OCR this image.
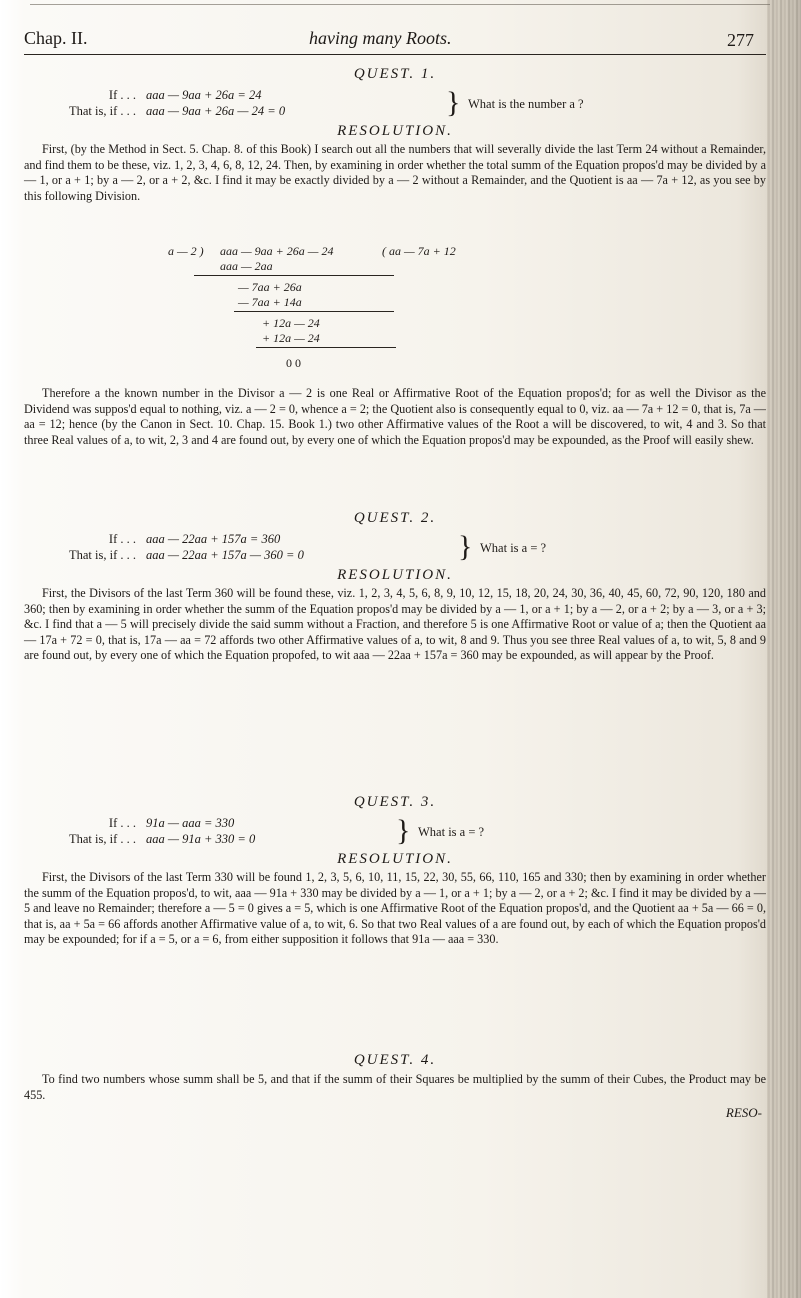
Chap. II.	having many Roots.	277
QUEST. 1.
If . . . aaa — 9aa + 26a = 24
That is, if . . . aaa — 9aa + 26a — 24 = 0	} What is the number a ?
RESOLUTION.

First, (by the Method in Sect. 5. Chap. 8. of this Book) I search out all the numbers that will severally divide the last Term 24 without a Remainder, and find them to be these, viz. 1, 2, 3, 4, 6, 8, 12, 24. Then, by examining in order whether the total summ of the Equation propos'd may be divided by a — 1, or a + 1; by a — 2, or a + 2, &c. I find it may be exactly divided by a — 2 without a Remainder, and the Quotient is aa — 7a + 12, as you see by this following Division.

a — 2 ) aaa — 9aa + 26a — 24	( aa — 7a + 12
aaa — 2aa
— 7aa + 26a
— 7aa + 14a
+ 12a — 24
+ 12a — 24
0 0

Therefore a the known number in the Divisor a — 2 is one Real or Affirmative Root of the Equation propos'd; for as well the Divisor as the Dividend was suppos'd equal to nothing, viz. a — 2 = 0, whence a = 2; the Quotient also is consequently equal to 0, viz. aa — 7a + 12 = 0, that is, 7a — aa = 12; hence (by the Canon in Sect. 10. Chap. 15. Book 1.) two other Affirmative values of the Root a will be discovered, to wit, 4 and 3. So that three Real values of a, to wit, 2, 3 and 4 are found out, by every one of which the Equation propos'd may be expounded, as the Proof will easily shew.

QUEST. 2.
If . . . aaa — 22aa + 157a = 360
That is, if . . . aaa — 22aa + 157a — 360 = 0	} What is a = ?
RESOLUTION.

First, the Divisors of the last Term 360 will be found these, viz. 1, 2, 3, 4, 5, 6, 8, 9, 10, 12, 15, 18, 20, 24, 30, 36, 40, 45, 60, 72, 90, 120, 180 and 360; then by examining in order whether the summ of the Equation propos'd may be divided by a — 1, or a + 1; by a — 2, or a + 2; by a — 3, or a + 3; &c. I find that a — 5 will precisely divide the said summ without a Fraction, and therefore 5 is one Affirmative Root or value of a; then the Quotient aa — 17a + 72 = 0, that is, 17a — aa = 72 affords two other Affirmative values of a, to wit, 8 and 9. Thus you see three Real values of a, to wit, 5, 8 and 9 are found out, by every one of which the Equation propofed, to wit aaa — 22aa + 157a = 360 may be expounded, as will appear by the Proof.

QUEST. 3.
If . . . 91a — aaa = 330
That is, if . . . aaa — 91a + 330 = 0	} What is a = ?
RESOLUTION.

First, the Divisors of the last Term 330 will be found 1, 2, 3, 5, 6, 10, 11, 15, 22, 30, 55, 66, 110, 165 and 330; then by examining in order whether the summ of the Equation propos'd, to wit, aaa — 91a + 330 may be divided by a — 1, or a + 1; by a — 2, or a + 2; &c. I find it may be divided by a — 5 and leave no Remainder; therefore a — 5 = 0 gives a = 5, which is one Affirmative Root of the Equation propos'd, and the Quotient aa + 5a — 66 = 0, that is, aa + 5a = 66 affords another Affirmative value of a, to wit, 6. So that two Real values of a are found out, by each of which the Equation propos'd may be expounded; for if a = 5, or a = 6, from either supposition it follows that 91a — aaa = 330.

QUEST. 4.

To find two numbers whose summ shall be 5, and that if the summ of their Squares be multiplied by the summ of their Cubes, the Product may be 455.

RESO-
